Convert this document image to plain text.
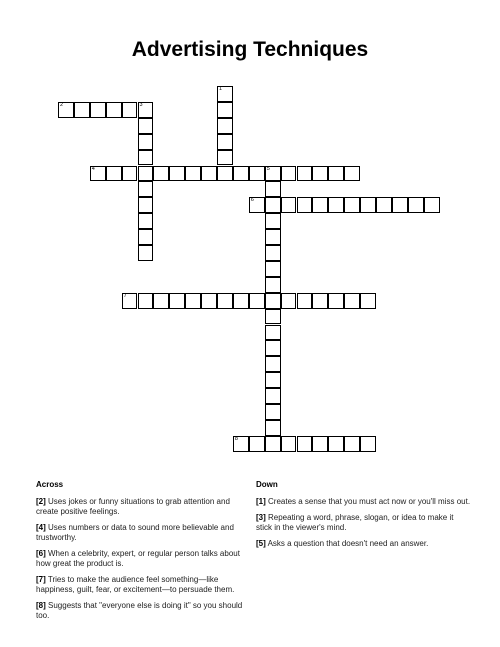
Advertising Techniques
1
2	3
4	5
6
7
8
Across	Down
[2] Uses jokes or funny situations to grab attention and create positive feelings.
[4] Uses numbers or data to sound more believable and trustworthy.
[6] When a celebrity, expert, or regular person talks about how great the product is.
[7] Tries to make the audience feel something—like happiness, guilt, fear, or excitement—to persuade them.
[8] Suggests that "everyone else is doing it" so you should too.
[1] Creates a sense that you must act now or you'll miss out.
[3] Repeating a word, phrase, slogan, or idea to make it stick in the viewer's mind.
[5] Asks a question that doesn't need an answer.
